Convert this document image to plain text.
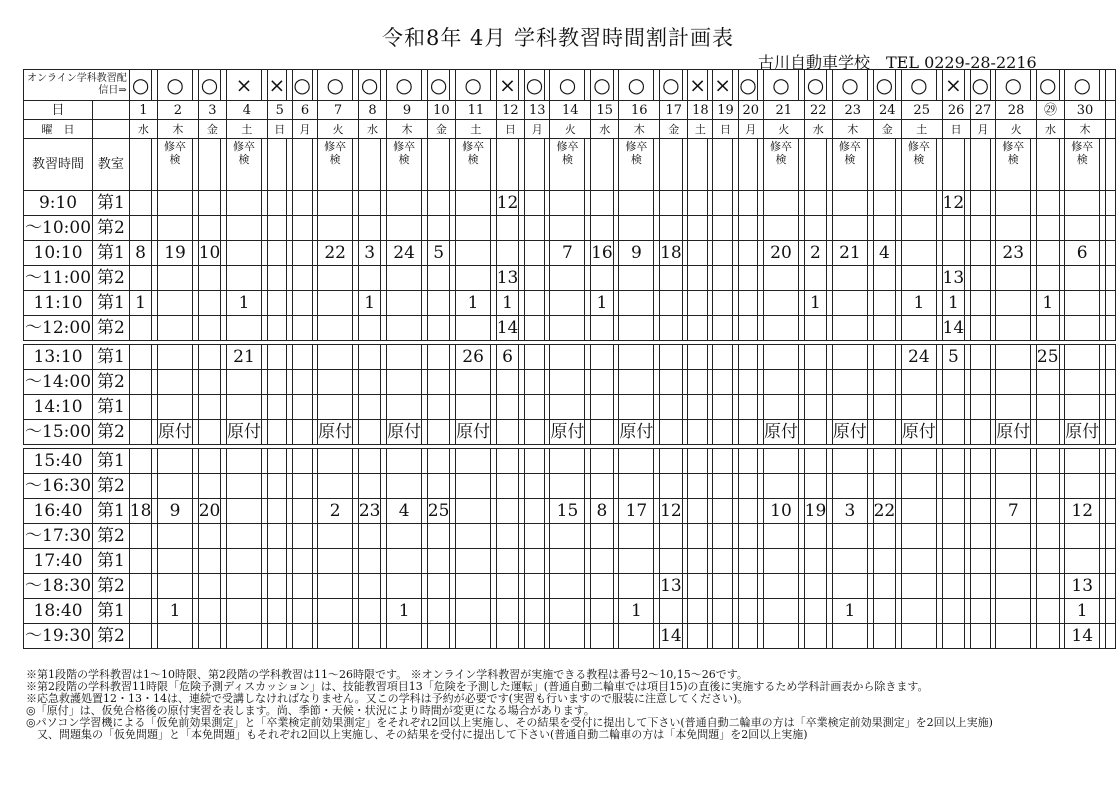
令和8年 4月 学科教習時間割計画表
古川自動車学校　TEL 0229-28-2216
オンライン学科教習配信日⇒		○		○		○		×		×		○		○		○		○		○		○		×		○		○		○		○		○		×		×		○		○		○		○		○		○		×		○		○		○		○		
日		1		2		3		4		5		6		7		8		9		10		11		12		13		14		15		16		17		18		19		20		21		22		23		24		25		26		27		28		㉙		30		
曜　日		水		木		金		土		日		月		火		水		木		金		土		日		月		火		水		木		金		土		日		月		火		水		木		金		土		日		月		火		水		木		
教習時間	教室			修卒検				修卒検						修卒検				修卒検				修卒検						修卒検				修卒検										修卒検				修卒検				修卒検						修卒検				修卒検		
9:10	第1																							12																												12										
～10:00	第2																																																													
10:10	第1	8		19		10								22		3		24		5								7		16		9		18								20		2		21		4								23				6		
～11:00	第2																							13																												13										
11:10	第1	1						1								1						1		1						1														1						1		1						1				
～12:00	第2																							14																												14										

13:10	第1							21														26		6																										24		5						25				
～14:00	第2																																																													
14:10	第1																																																													
～15:00	第2			原付				原付						原付				原付				原付						原付				原付										原付				原付				原付						原付				原付		

15:40	第1																																																													
～16:30	第2																																																													
16:40	第1	18		9		20								2		23		4		25								15		8		17		12								10		19		3		22								7				12		
～17:30	第2																																																													
17:40	第1																																																													
～18:30	第2																																	13																										13		
18:40	第1			1														1														1														1														1		
～19:30	第2																																	14																										14		
※第1段階の学科教習は1～10時限、第2段階の学科教習は11～26時限です。 ※オンライン学科教習が実施できる教程は番号2～10,15～26です。
※第2段階の学科教習11時限「危険予測ディスカッション」は、技能教習項目13「危険を予測した運転」(普通自動二輪車では項目15)の直後に実施するため学科計画表から除きます。
※応急救護処置12・13・14は、連続で受講しなければなりません。又この学科は予約が必要です(実習も行いますので服装に注意してください)。
◎「原付」は、仮免合格後の原付実習を表します。尚、季節・天候・状況により時間が変更になる場合があります。
◎パソコン学習機による「仮免前効果測定」と「卒業検定前効果測定」をそれぞれ2回以上実施し、その結果を受付に提出して下さい(普通自動二輪車の方は「卒業検定前効果測定」を2回以上実施)
　又、問題集の「仮免問題」と「本免問題」もそれぞれ2回以上実施し、その結果を受付に提出して下さい(普通自動二輪車の方は「本免問題」を2回以上実施)
